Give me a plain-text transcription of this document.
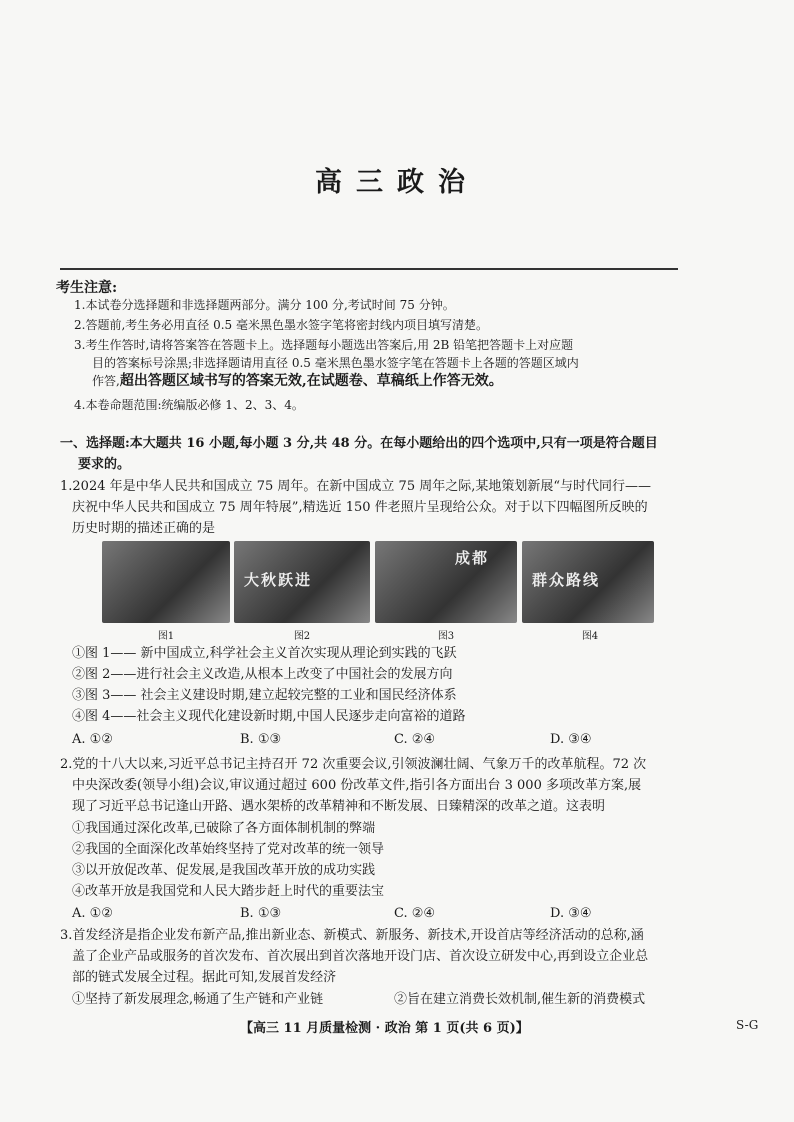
高三政治
考生注意:
1.本试卷分选择题和非选择题两部分。满分 100 分,考试时间 75 分钟。
2.答题前,考生务必用直径 0.5 毫米黑色墨水签字笔将密封线内项目填写清楚。
3.考生作答时,请将答案答在答题卡上。选择题每小题选出答案后,用 2B 铅笔把答题卡上对应题
目的答案标号涂黑;非选择题请用直径 0.5 毫米黑色墨水签字笔在答题卡上各题的答题区域内
作答,超出答题区域书写的答案无效,在试题卷、草稿纸上作答无效。
4.本卷命题范围:统编版必修 1、2、3、4。
一、选择题:本大题共 16 小题,每小题 3 分,共 48 分。在每小题给出的四个选项中,只有一项是符合题目
要求的。
1.2024 年是中华人民共和国成立 75 周年。在新中国成立 75 周年之际,某地策划新展“与时代同行——
庆祝中华人民共和国成立 75 周年特展”,精选近 150 件老照片呈现给公众。对于以下四幅图所反映的
历史时期的描述正确的是
大秋跃进
成都
群众路线
图1	图2	图3	图4
①图 1—— 新中国成立,科学社会主义首次实现从理论到实践的飞跃
②图 2——进行社会主义改造,从根本上改变了中国社会的发展方向
③图 3—— 社会主义建设时期,建立起较完整的工业和国民经济体系
④图 4——社会主义现代化建设新时期,中国人民逐步走向富裕的道路
A. ①②	B. ①③	C. ②④	D. ③④
2.党的十八大以来,习近平总书记主持召开 72 次重要会议,引领波澜壮阔、气象万千的改革航程。72 次
中央深改委(领导小组)会议,审议通过超过 600 份改革文件,指引各方面出台 3 000 多项改革方案,展
现了习近平总书记逢山开路、遇水架桥的改革精神和不断发展、日臻精深的改革之道。这表明
①我国通过深化改革,已破除了各方面体制机制的弊端
②我国的全面深化改革始终坚持了党对改革的统一领导
③以开放促改革、促发展,是我国改革开放的成功实践
④改革开放是我国党和人民大踏步赶上时代的重要法宝
A. ①②	B. ①③	C. ②④	D. ③④
3.首发经济是指企业发布新产品,推出新业态、新模式、新服务、新技术,开设首店等经济活动的总称,涵
盖了企业产品或服务的首次发布、首次展出到首次落地开设门店、首次设立研发中心,再到设立企业总
部的链式发展全过程。据此可知,发展首发经济
①坚持了新发展理念,畅通了生产链和产业链	②旨在建立消费长效机制,催生新的消费模式
【高三 11 月质量检测 · 政治 第 1 页(共 6 页)】	S-G
